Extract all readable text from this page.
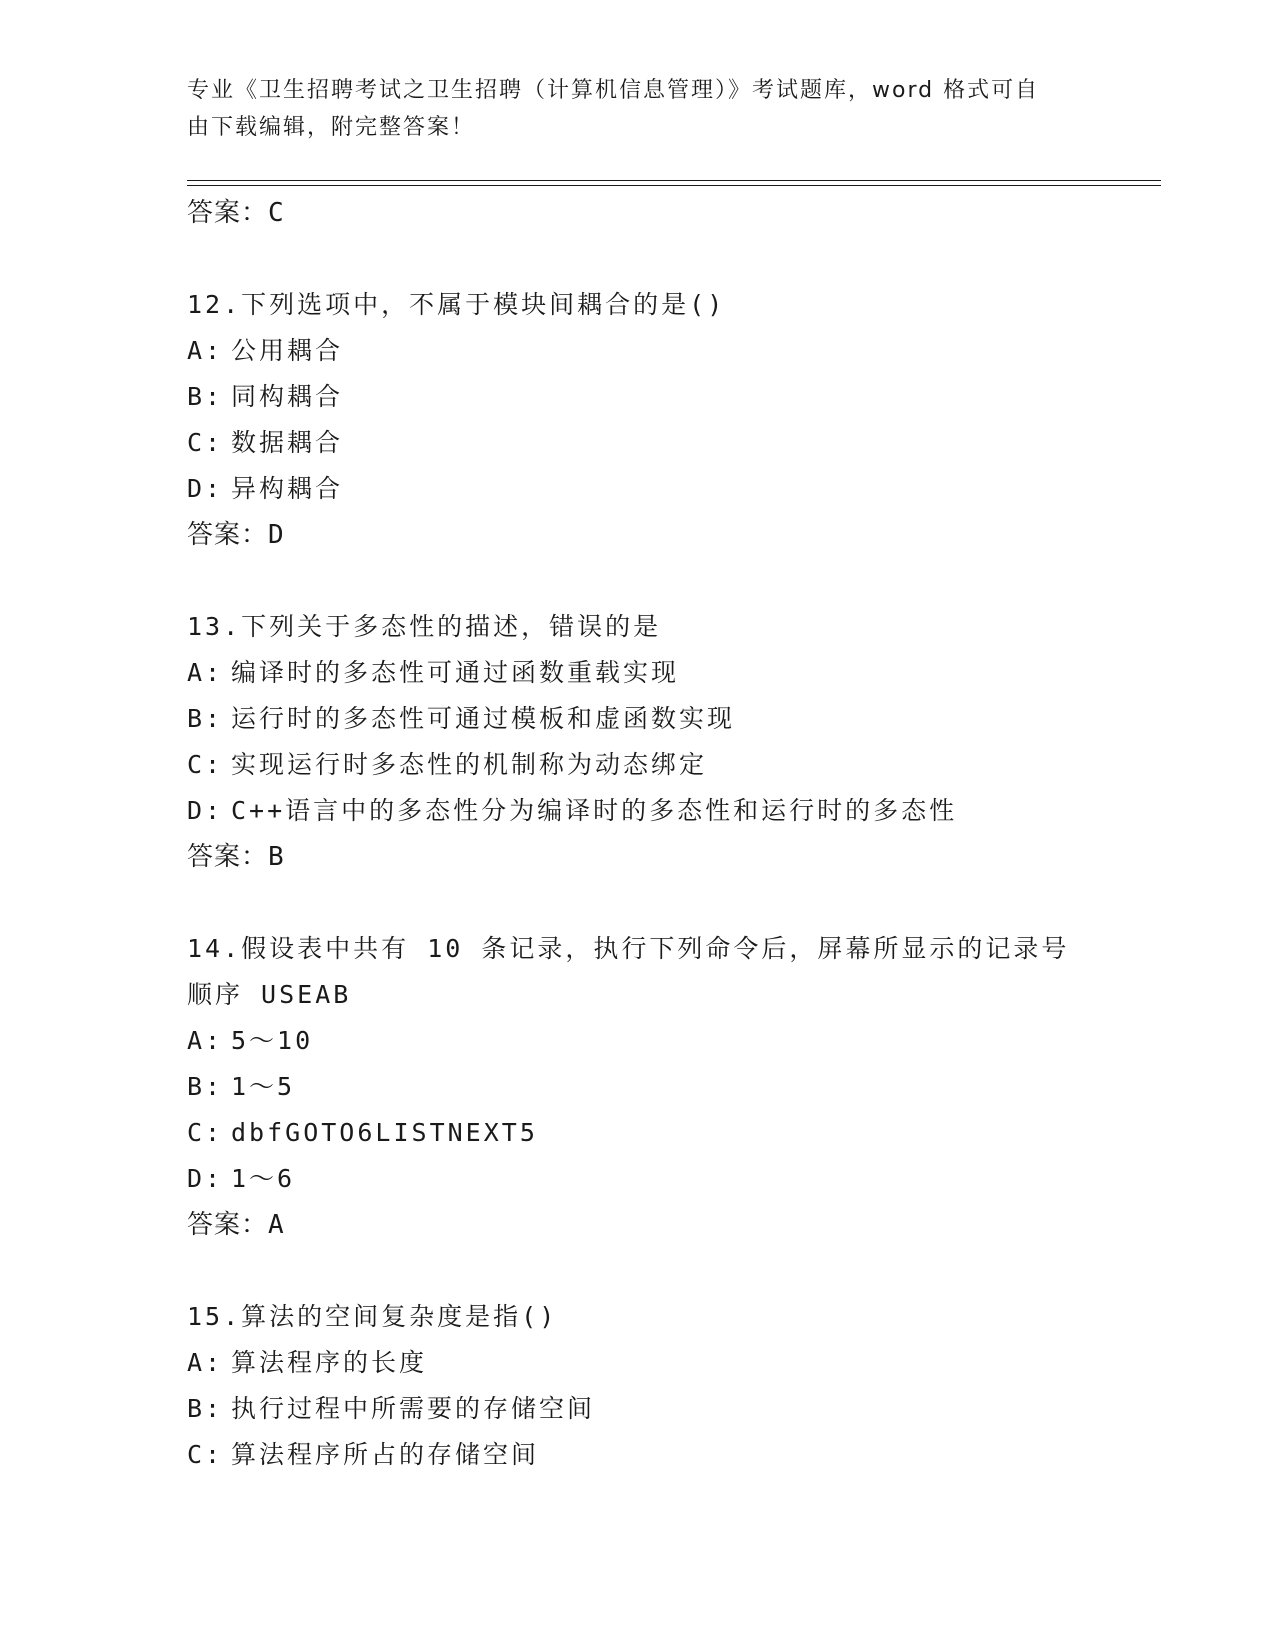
专业《卫生招聘考试之卫生招聘（计算机信息管理）》考试题库，word 格式可自
由下载编辑，附完整答案！
答案：C
12.下列选项中，不属于模块间耦合的是()
A: 公用耦合
B: 同构耦合
C: 数据耦合
D: 异构耦合
答案：D
13.下列关于多态性的描述，错误的是
A: 编译时的多态性可通过函数重载实现
B: 运行时的多态性可通过模板和虚函数实现
C: 实现运行时多态性的机制称为动态绑定
D: C++语言中的多态性分为编译时的多态性和运行时的多态性
答案：B
14.假设表中共有 10 条记录，执行下列命令后，屏幕所显示的记录号
顺序 USEAB
A: 5～10
B: 1～5
C: dbfGOTO6LISTNEXT5
D: 1～6
答案：A
15.算法的空间复杂度是指()
A: 算法程序的长度
B: 执行过程中所需要的存储空间
C: 算法程序所占的存储空间
